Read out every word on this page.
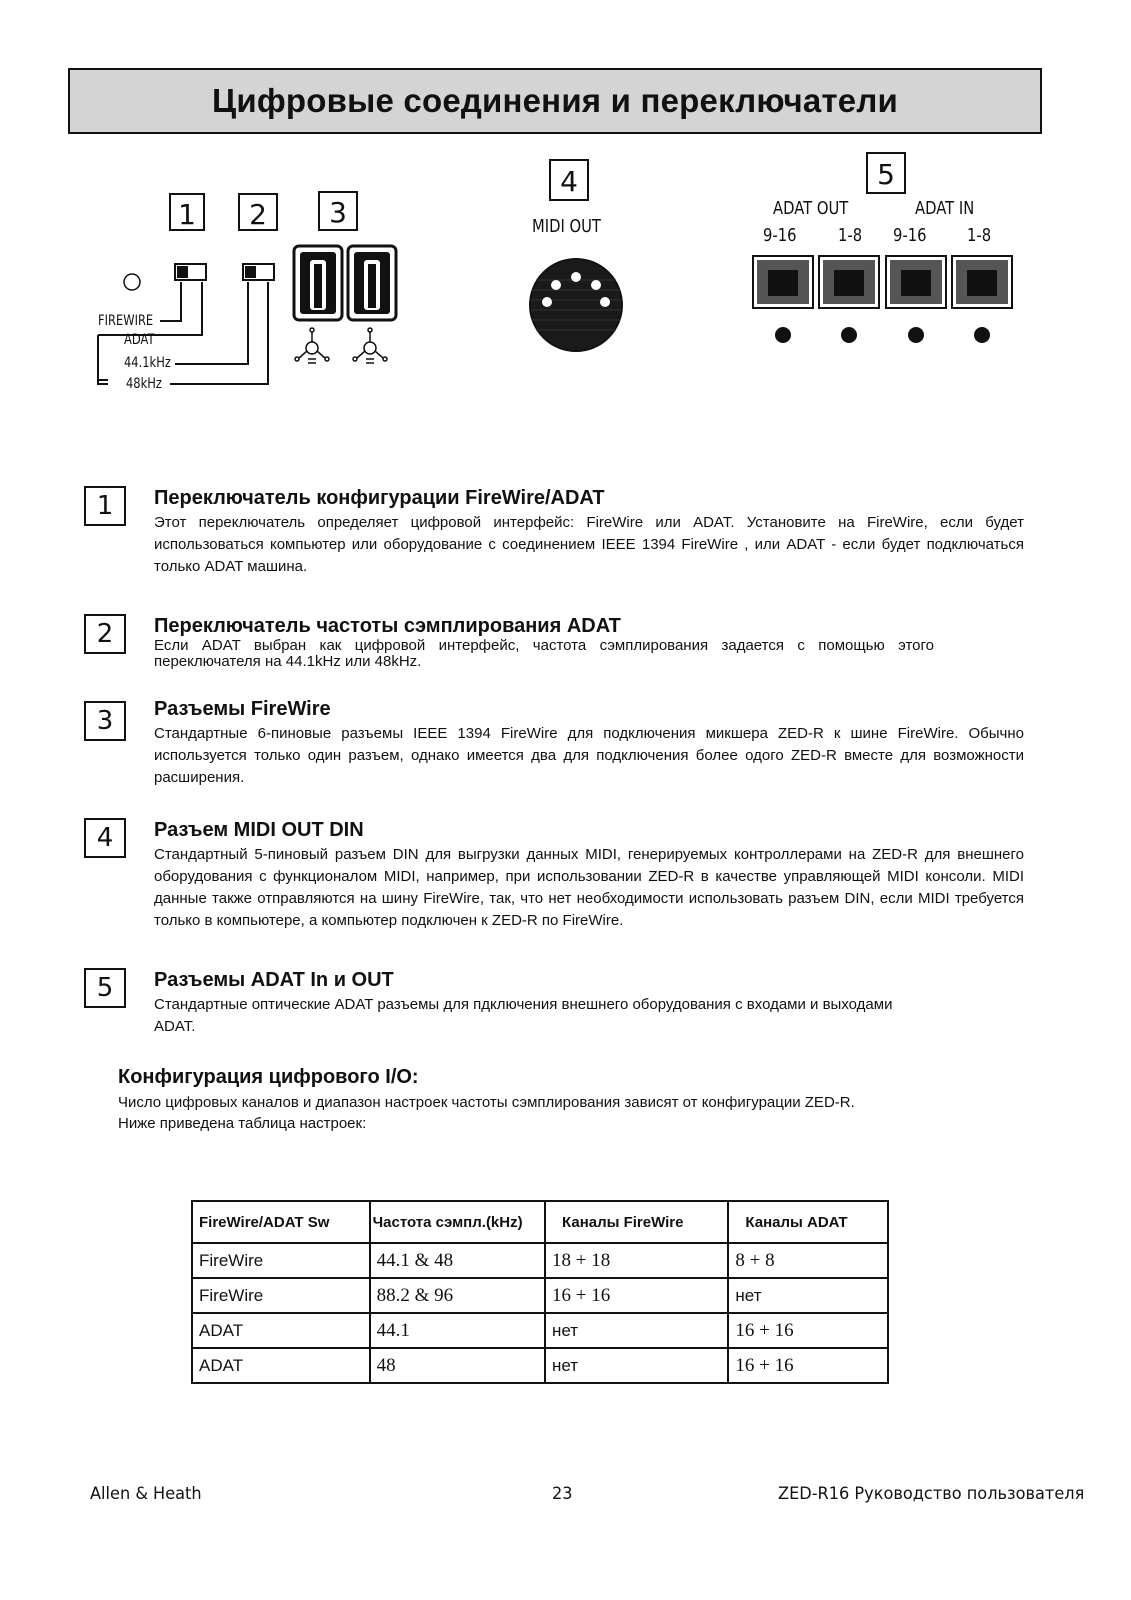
Цифровые соединения и переключатели
1	2	3
4	5
FIREWIRE
ADAT
44.1kHz
48kHz
MIDI OUT
ADAT OUT	ADAT IN
9-16 1-8 9-16 1-8
1	Переключатель конфигурации FireWire/ADAT

Этот переключатель определяет цифровой интерфейс: FireWire или ADAT. Установите на FireWire, если будет использоваться компьютер или оборудование с соединением IEEE 1394 FireWire , или ADAT - если будет подключаться только ADAT машина.

2	Переключатель частоты сэмплирования ADAT

Если ADAT выбран как цифровой интерфейс, частота сэмплирования задается с помощью этого переключателя на 44.1kHz или 48kHz.

3	Разъемы FireWire

Стандартные 6-пиновые разъемы IEEE 1394 FireWire для подключения микшера ZED-R к шине FireWire. Обычно используется только один разъем, однако имеется два для подключения более одого ZED-R вместе для возможности расширения.

4	Разъем MIDI OUT DIN

Стандартный 5-пиновый разъем DIN для выгрузки данных MIDI, генерируемых контроллерами на ZED-R для внешнего оборудования с функционалом MIDI, например, при использовании ZED-R в качестве управляющей MIDI консоли. MIDI данные также отправляются на шину FireWire, так, что нет необходимости использовать разъем DIN, если MIDI требуется только в компьютере, а компьютер подключен к ZED-R по FireWire.

5	Разъемы ADAT In и OUT

Стандартные оптические ADAT разъемы для пдключения внешнего оборудования с входами и выходами ADAT.

Конфигурация цифрового I/O:

Число цифровых каналов и диапазон настроек частоты сэмплирования зависят от конфигурации ZED-R.

Ниже приведена таблица настроек:

FireWire/ADAT Sw	Частота сэмпл.(kHz)	Каналы FireWire	Каналы ADAT
FireWire	44.1 & 48	18 + 18	8 + 8
FireWire	88.2 & 96	16 + 16	нет
ADAT	44.1	нет	16 + 16
ADAT	48	нет	16 + 16
Allen & Heath	23	ZED-R16 Руководство пользователя
